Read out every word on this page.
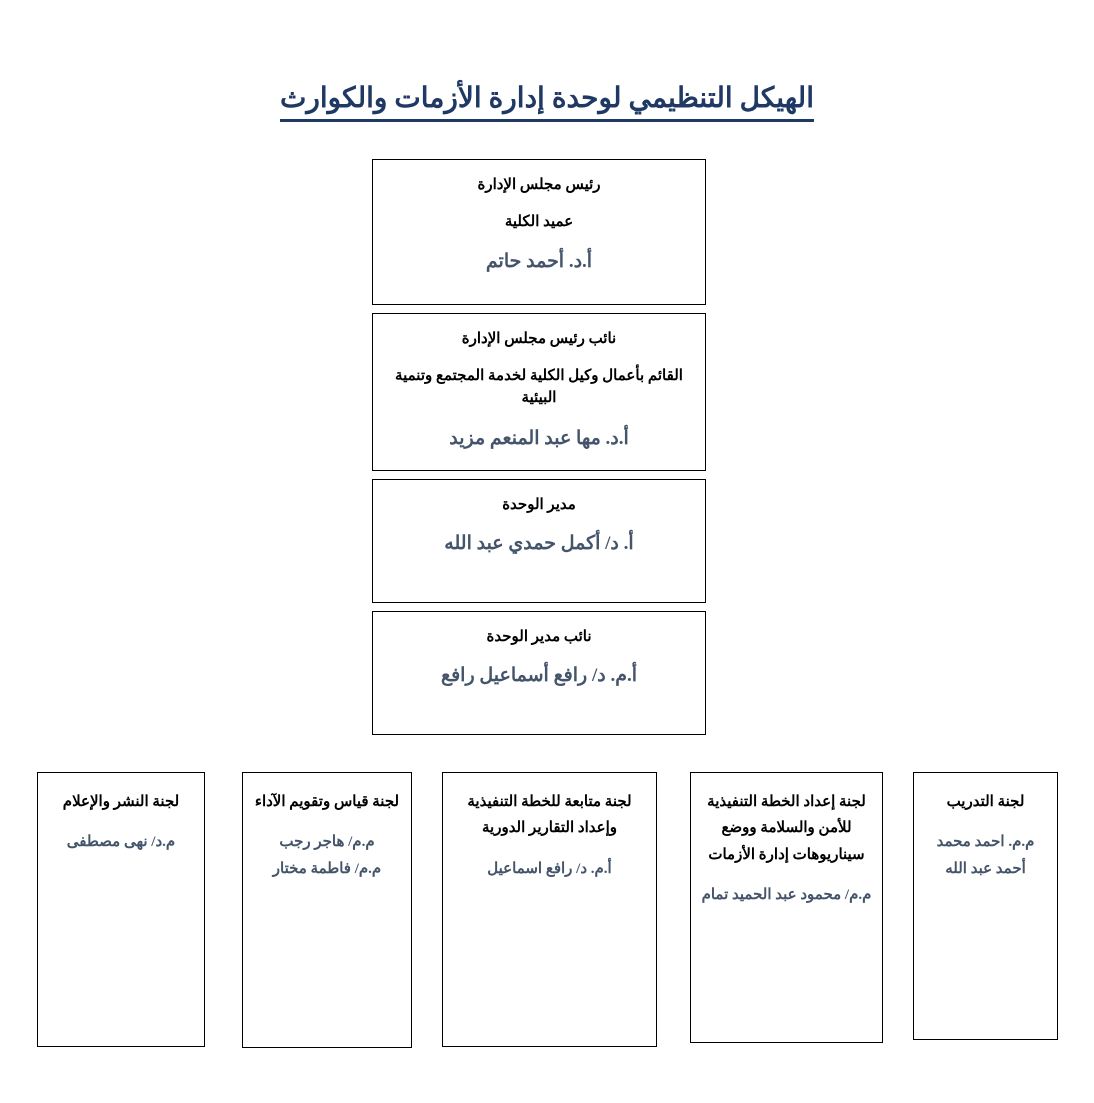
الهيكل التنظيمي لوحدة إدارة الأزمات والكوارث

رئيس مجلس الإدارة

عميد الكلية

أ.د. أحمد حاتم

نائب رئيس مجلس الإدارة

القائم بأعمال وكيل الكلية لخدمة المجتمع وتنمية البيئية

أ.د. مها عبد المنعم مزيد

مدير الوحدة

أ. د/ أكمل حمدي عبد الله

نائب مدير الوحدة

أ.م. د/ رافع أسماعيل رافع

لجنة النشر والإعلام

م.د/ نهى مصطفى

لجنة قياس وتقويم الآداء

م.م/ هاجر رجب

م.م/ فاطمة مختار

لجنة متابعة للخطة التنفيذية وإعداد التقارير الدورية

أ.م. د/ رافع اسماعيل

لجنة إعداد الخطة التنفيذية للأمن والسلامة ووضع سيناريوهات إدارة الأزمات

م.م/ محمود عبد الحميد تمام

لجنة التدريب

م.م. احمد محمد

أحمد عبد الله
